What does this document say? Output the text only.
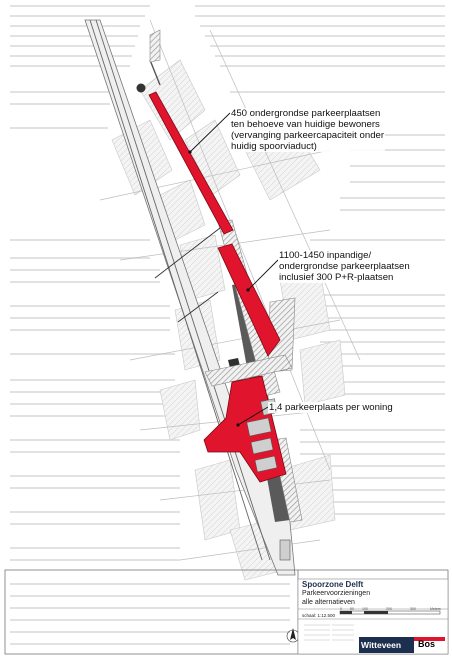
450 ondergrondse parkeerplaatsen
ten behoeve van huidige bewoners
(vervanging parkeercapaciteit onder
huidig spoorviaduct)
1100-1450 inpandige/
ondergrondse parkeerplaatsen
inclusief 300 P+R-plaatsen
1,4 parkeerplaats per woning
Spoorzone Delft
Parkeervoorzieningen
alle alternatieven
schaal: 1:12.500
0 50 100	200	300	Meters
Witteveen Bos
